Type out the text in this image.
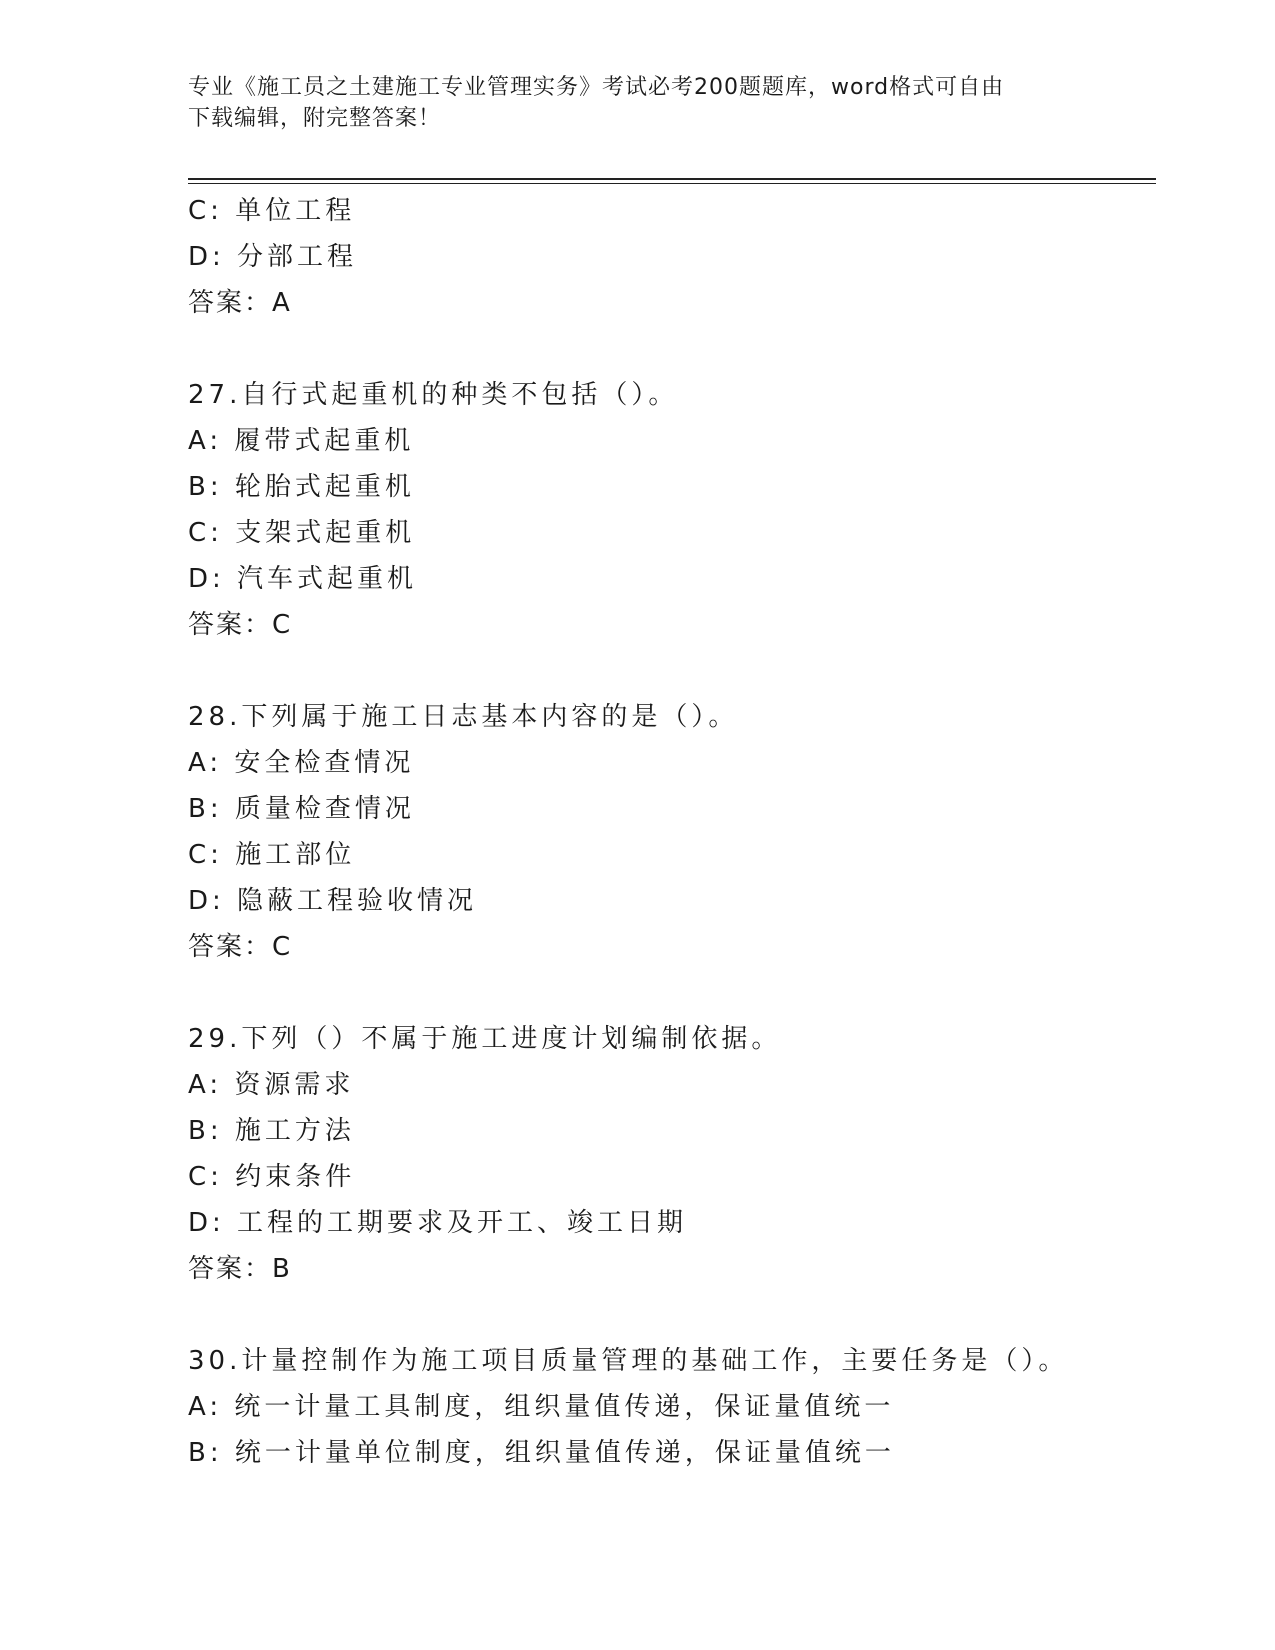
专业《施工员之土建施工专业管理实务》考试必考200题题库，word格式可自由
下载编辑，附完整答案！
C: 单位工程
D: 分部工程
答案：A
27.自行式起重机的种类不包括（）。
A: 履带式起重机
B: 轮胎式起重机
C: 支架式起重机
D: 汽车式起重机
答案：C
28.下列属于施工日志基本内容的是（）。
A: 安全检查情况
B: 质量检查情况
C: 施工部位
D: 隐蔽工程验收情况
答案：C
29.下列（）不属于施工进度计划编制依据。
A: 资源需求
B: 施工方法
C: 约束条件
D: 工程的工期要求及开工、竣工日期
答案：B
30.计量控制作为施工项目质量管理的基础工作，主要任务是（）。
A: 统一计量工具制度，组织量值传递，保证量值统一
B: 统一计量单位制度，组织量值传递，保证量值统一
